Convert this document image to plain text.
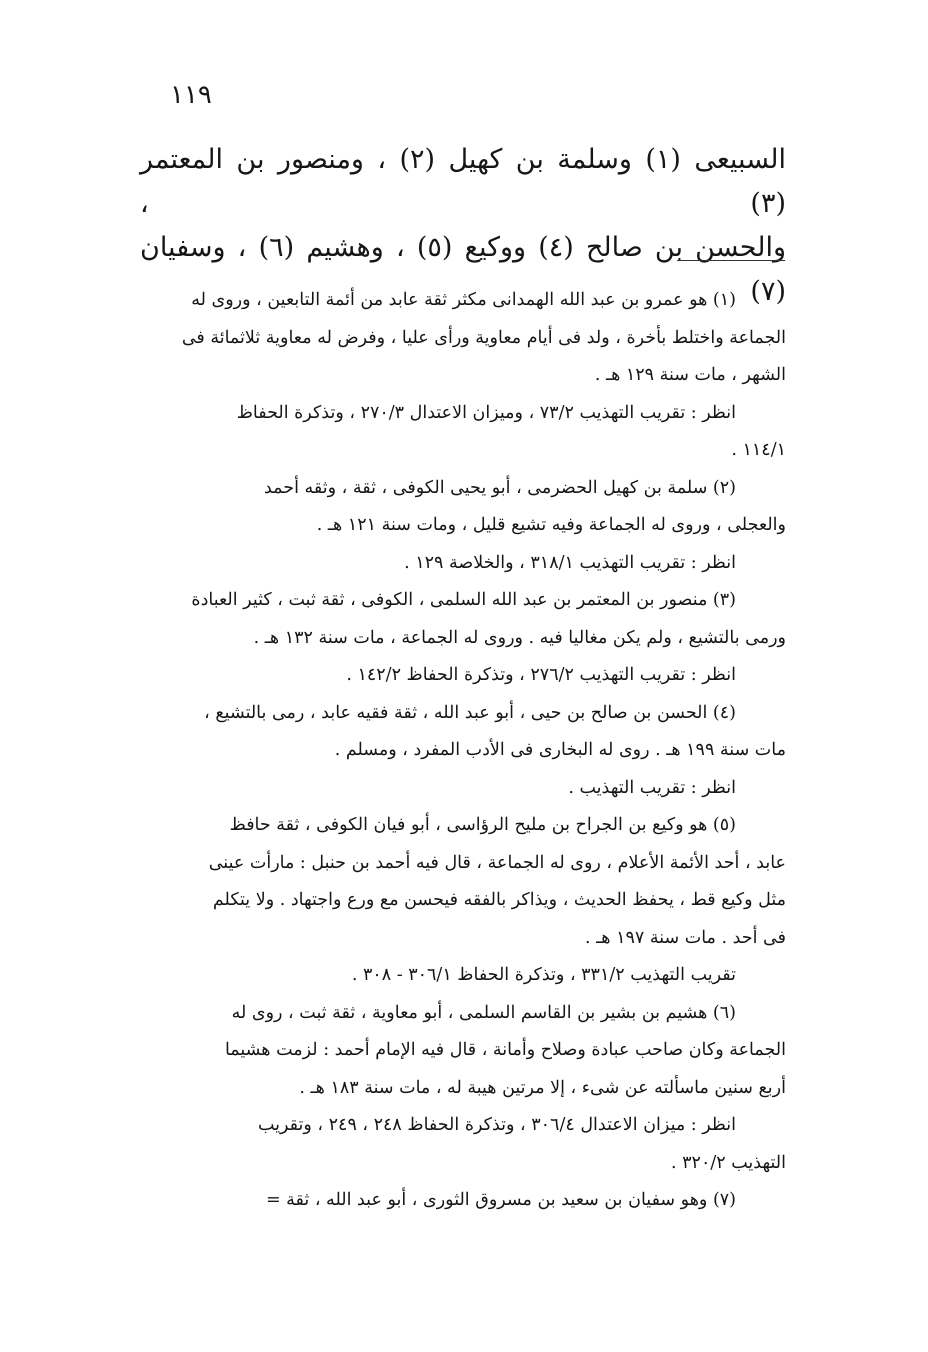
١١٩

السبيعى (١) وسلمة بن كهيل (٢) ، ومنصور بن المعتمر (٣) ،

والحسن بن صالح (٤) ووكيع (٥) ، وهشيم (٦) ، وسفيان (٧)

(١) هو عمرو بن عبد الله الهمدانى مكثر ثقة عابد من أئمة التابعين ، وروى له
الجماعة واختلط بأخرة ، ولد فى أيام معاوية ورأى عليا ، وفرض له معاوية ثلاثمائة فى
الشهر ، مات سنة ١٢٩ هـ .
انظر : تقريب التهذيب ٧٣/٢ ، وميزان الاعتدال ٢٧٠/٣ ، وتذكرة الحفاظ
١١٤/١ .
(٢) سلمة بن كهيل الحضرمى ، أبو يحيى الكوفى ، ثقة ، وثقه أحمد
والعجلى ، وروى له الجماعة وفيه تشيع قليل ، ومات سنة ١٢١ هـ .
انظر : تقريب التهذيب ٣١٨/١ ، والخلاصة ١٢٩ .
(٣) منصور بن المعتمر بن عبد الله السلمى ، الكوفى ، ثقة ثبت ، كثير العبادة
ورمى بالتشيع ، ولم يكن مغاليا فيه . وروى له الجماعة ، مات سنة ١٣٢ هـ .
انظر : تقريب التهذيب ٢٧٦/٢ ، وتذكرة الحفاظ ١٤٢/٢ .
(٤) الحسن بن صالح بن حيى ، أبو عبد الله ، ثقة فقيه عابد ، رمى بالتشيع ،
مات سنة ١٩٩ هـ . روى له البخارى فى الأدب المفرد ، ومسلم .
انظر : تقريب التهذيب .
(٥) هو وكيع بن الجراح بن مليح الرؤاسى ، أبو فيان الكوفى ، ثقة حافظ
عابد ، أحد الأئمة الأعلام ، روى له الجماعة ، قال فيه أحمد بن حنبل : مارأت عينى
مثل وكيع قط ، يحفظ الحديث ، ويذاكر بالفقه فيحسن مع ورع واجتهاد . ولا يتكلم
فى أحد . مات سنة ١٩٧ هـ .
تقريب التهذيب ٣٣١/٢ ، وتذكرة الحفاظ ٣٠٦/١ - ٣٠٨ .
(٦) هشيم بن بشير بن القاسم السلمى ، أبو معاوية ، ثقة ثبت ، روى له
الجماعة وكان صاحب عبادة وصلاح وأمانة ، قال فيه الإمام أحمد : لزمت هشيما
أربع سنين ماسألته عن شىء ، إلا مرتين هيبة له ، مات سنة ١٨٣ هـ .
انظر : ميزان الاعتدال ٣٠٦/٤ ، وتذكرة الحفاظ ٢٤٨ ، ٢٤٩ ، وتقريب
التهذيب ٣٢٠/٢ .
(٧) وهو سفيان بن سعيد بن مسروق الثورى ، أبو عبد الله ، ثقة =
